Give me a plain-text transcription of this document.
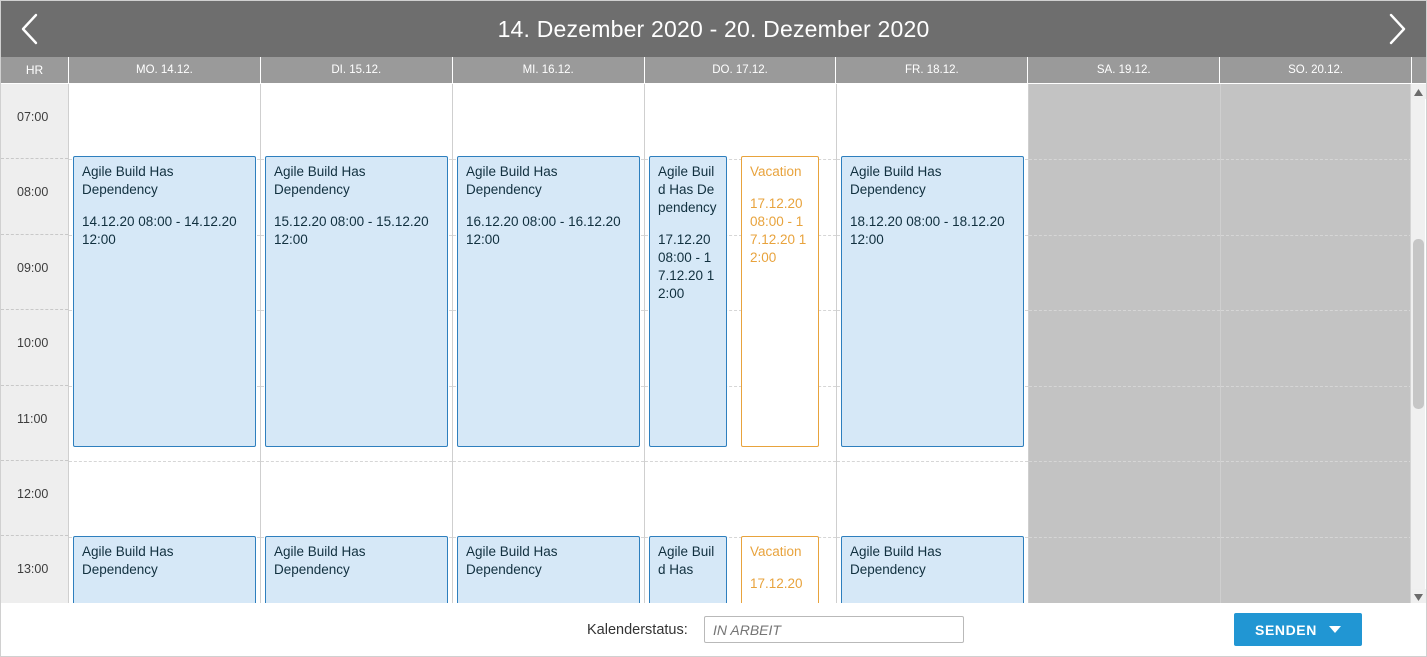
14. Dezember 2020 - 20. Dezember 2020
HR	MO. 14.12.	DI. 15.12.	MI. 16.12.	DO. 17.12.	FR. 18.12.	SA. 19.12.	SO. 20.12.
07:00
08:00
09:00
10:00
11:00
12:00
13:00
Agile Build Has Dependency
14.12.20 08:00 - 14.12.20 12:00
Agile Build Has Dependency
Agile Build Has Dependency
15.12.20 08:00 - 15.12.20 12:00
Agile Build Has Dependency
Agile Build Has Dependency
16.12.20 08:00 - 16.12.20 12:00
Agile Build Has Dependency
Agile Build Has Dependency
17.12.20 08:00 - 17.12.20 12:00
Vacation
17.12.20 08:00 - 17.12.20 12:00
Agile Build Has
Vacation
17.12.20
Agile Build Has Dependency
18.12.20 08:00 - 18.12.20 12:00
Agile Build Has Dependency
Kalenderstatus:
IN ARBEIT	SENDEN
